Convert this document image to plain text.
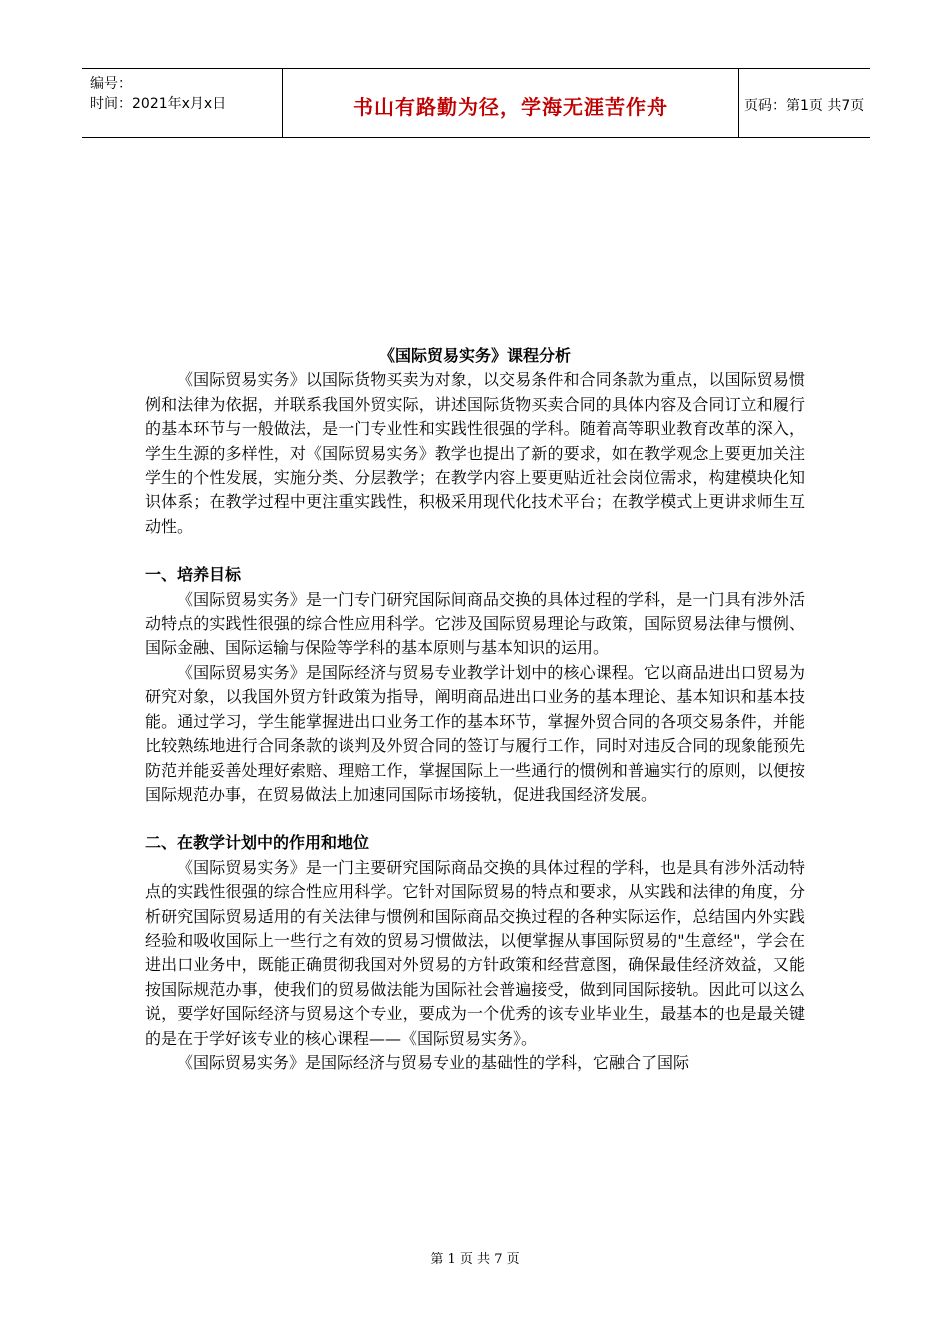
编号：
时间：2021年x月x日	书山有路勤为径，学海无涯苦作舟	页码：第1页 共7页

《国际贸易实务》课程分析

《国际贸易实务》以国际货物买卖为对象，以交易条件和合同条款为重点，以国际贸易惯例和法律为依据，并联系我国外贸实际，讲述国际货物买卖合同的具体内容及合同订立和履行的基本环节与一般做法，是一门专业性和实践性很强的学科。随着高等职业教育改革的深入，学生生源的多样性，对《国际贸易实务》教学也提出了新的要求，如在教学观念上要更加关注学生的个性发展，实施分类、分层教学；在教学内容上要更贴近社会岗位需求，构建模块化知识体系；在教学过程中更注重实践性，积极采用现代化技术平台；在教学模式上更讲求师生互动性。

一、培养目标

《国际贸易实务》是一门专门研究国际间商品交换的具体过程的学科，是一门具有涉外活动特点的实践性很强的综合性应用科学。它涉及国际贸易理论与政策，国际贸易法律与惯例、国际金融、国际运输与保险等学科的基本原则与基本知识的运用。

《国际贸易实务》是国际经济与贸易专业教学计划中的核心课程。它以商品进出口贸易为研究对象，以我国外贸方针政策为指导，阐明商品进出口业务的基本理论、基本知识和基本技能。通过学习，学生能掌握进出口业务工作的基本环节，掌握外贸合同的各项交易条件，并能比较熟练地进行合同条款的谈判及外贸合同的签订与履行工作，同时对违反合同的现象能预先防范并能妥善处理好索赔、理赔工作，掌握国际上一些通行的惯例和普遍实行的原则，以便按国际规范办事，在贸易做法上加速同国际市场接轨，促进我国经济发展。

二、在教学计划中的作用和地位

《国际贸易实务》是一门主要研究国际商品交换的具体过程的学科，也是具有涉外活动特点的实践性很强的综合性应用科学。它针对国际贸易的特点和要求，从实践和法律的角度，分析研究国际贸易适用的有关法律与惯例和国际商品交换过程的各种实际运作，总结国内外实践经验和吸收国际上一些行之有效的贸易习惯做法，以便掌握从事国际贸易的"生意经"，学会在进出口业务中，既能正确贯彻我国对外贸易的方针政策和经营意图，确保最佳经济效益，又能按国际规范办事，使我们的贸易做法能为国际社会普遍接受，做到同国际接轨。因此可以这么说，要学好国际经济与贸易这个专业，要成为一个优秀的该专业毕业生，最基本的也是最关键的是在于学好该专业的核心课程——《国际贸易实务》。

《国际贸易实务》是国际经济与贸易专业的基础性的学科，它融合了国际

第 1 页 共 7 页
